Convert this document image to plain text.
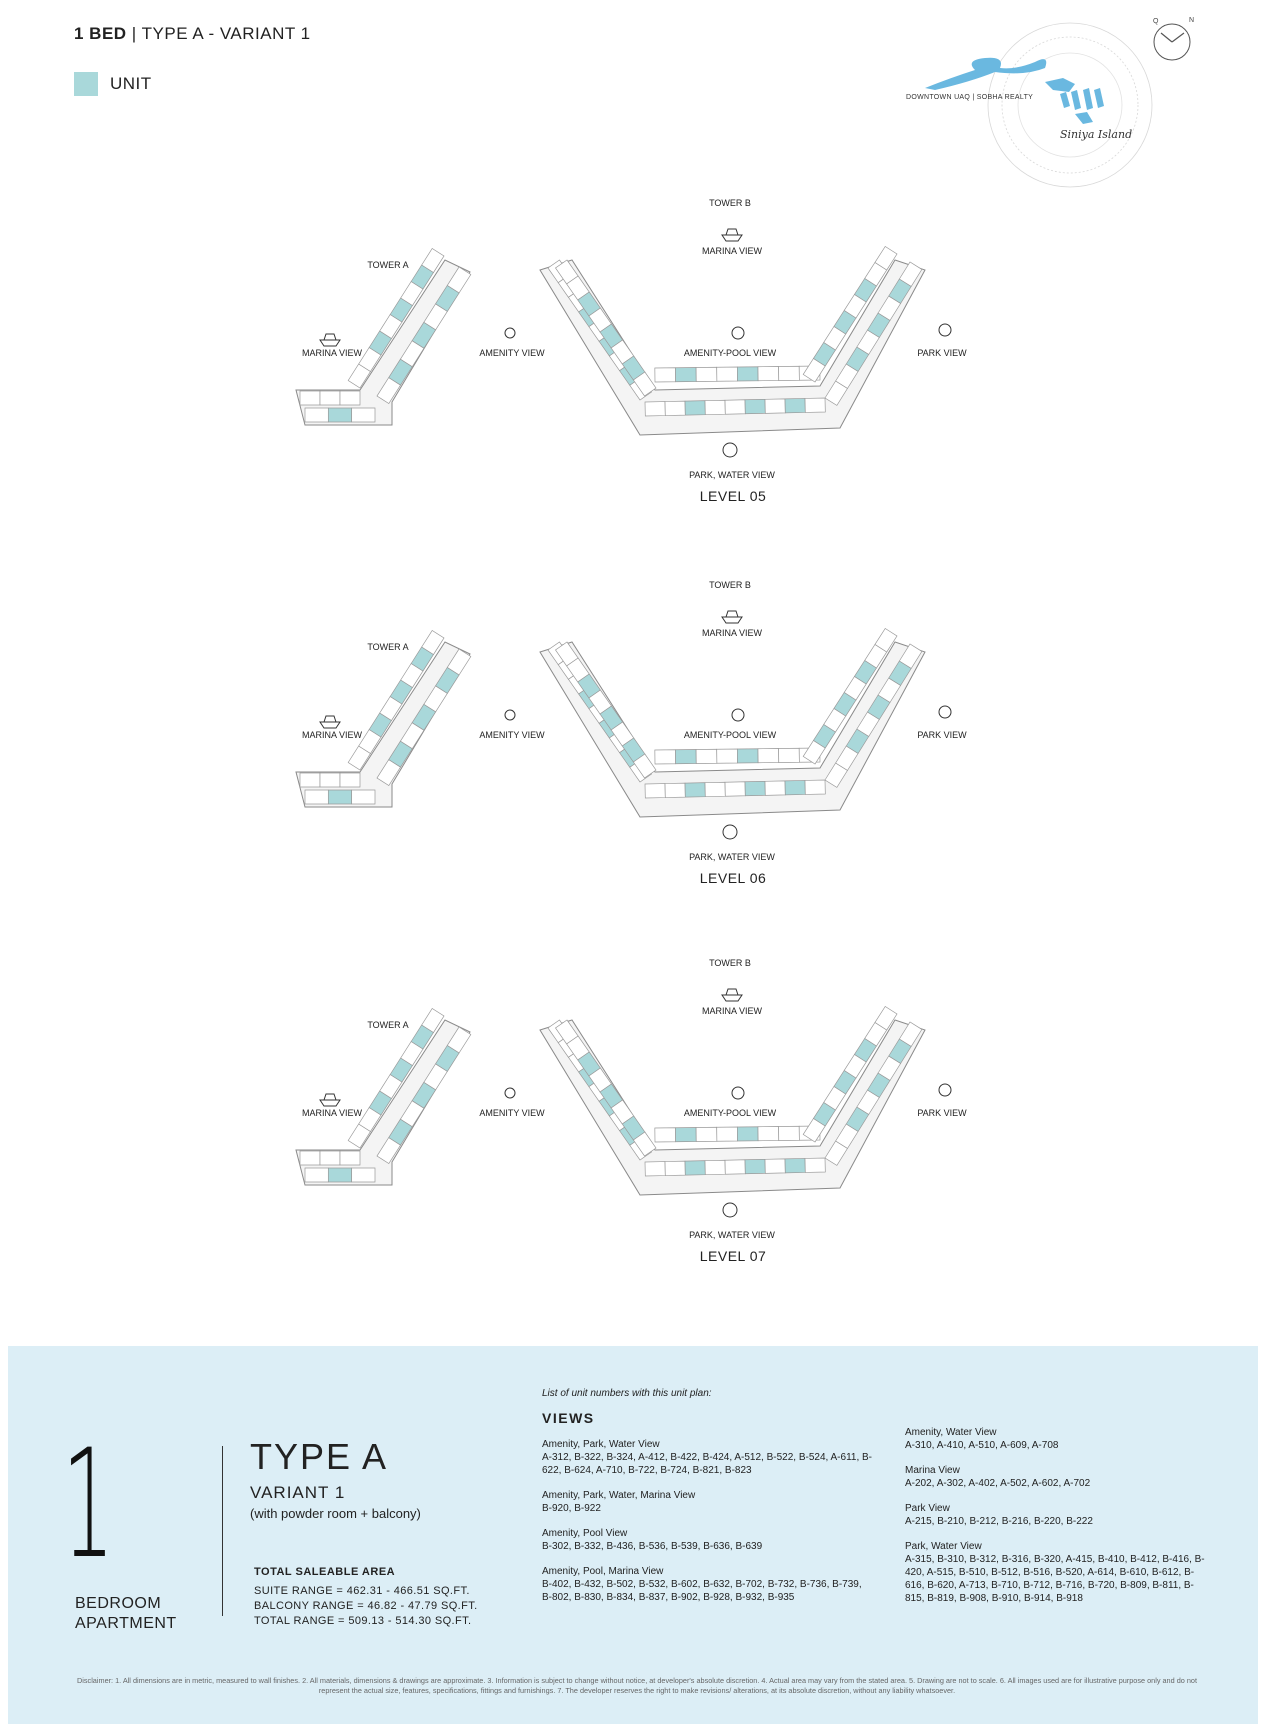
1 BED | TYPE A - VARIANT 1
UNIT
Siniya Island
Q	N
DOWNTOWN UAQ | SOBHA REALTY
TOWER A
TOWER B
MARINA VIEW	AMENITY VIEW
MARINA VIEW
AMENITY-POOL VIEW	PARK VIEW
PARK, WATER VIEW
LEVEL 05
TOWER A
TOWER B
MARINA VIEW	AMENITY VIEW
MARINA VIEW
AMENITY-POOL VIEW	PARK VIEW
PARK, WATER VIEW
LEVEL 06
TOWER A
TOWER B
MARINA VIEW	AMENITY VIEW
MARINA VIEW
AMENITY-POOL VIEW	PARK VIEW
PARK, WATER VIEW
LEVEL 07
1
BEDROOM
APARTMENT
TYPE A
VARIANT 1
(with powder room + balcony)
TOTAL SALEABLE AREA
SUITE RANGE = 462.31 - 466.51 SQ.FT.
BALCONY RANGE = 46.82 - 47.79 SQ.FT.
TOTAL RANGE = 509.13 - 514.30 SQ.FT.
List of unit numbers with this unit plan:
VIEWS
Amenity, Park, Water View
A-312, B-322, B-324, A-412, B-422, B-424, A-512, B-522, B-524, A-611, B-622, B-624, A-710, B-722, B-724, B-821, B-823
Amenity, Park, Water, Marina View
B-920, B-922
Amenity, Pool View
B-302, B-332, B-436, B-536, B-539, B-636, B-639
Amenity, Pool, Marina View
B-402, B-432, B-502, B-532, B-602, B-632, B-702, B-732, B-736, B-739, B-802, B-830, B-834, B-837, B-902, B-928, B-932, B-935
Amenity, Water View
A-310, A-410, A-510, A-609, A-708
Marina View
A-202, A-302, A-402, A-502, A-602, A-702
Park View
A-215, B-210, B-212, B-216, B-220, B-222
Park, Water View
A-315, B-310, B-312, B-316, B-320, A-415, B-410, B-412, B-416, B-420, A-515, B-510, B-512, B-516, B-520, A-614, B-610, B-612, B-616, B-620, A-713, B-710, B-712, B-716, B-720, B-809, B-811, B-815, B-819, B-908, B-910, B-914, B-918
Disclaimer: 1. All dimensions are in metric, measured to wall finishes. 2. All materials, dimensions & drawings are approximate. 3. Information is subject to change without notice, at developer's absolute discretion. 4. Actual area may vary from the stated area. 5. Drawing are not to scale. 6. All images used are for illustrative purpose only and do not represent the actual size, features, specifications, fittings and furnishings. 7. The developer reserves the right to make revisions/ alterations, at its absolute discretion, without any liability whatsoever.
